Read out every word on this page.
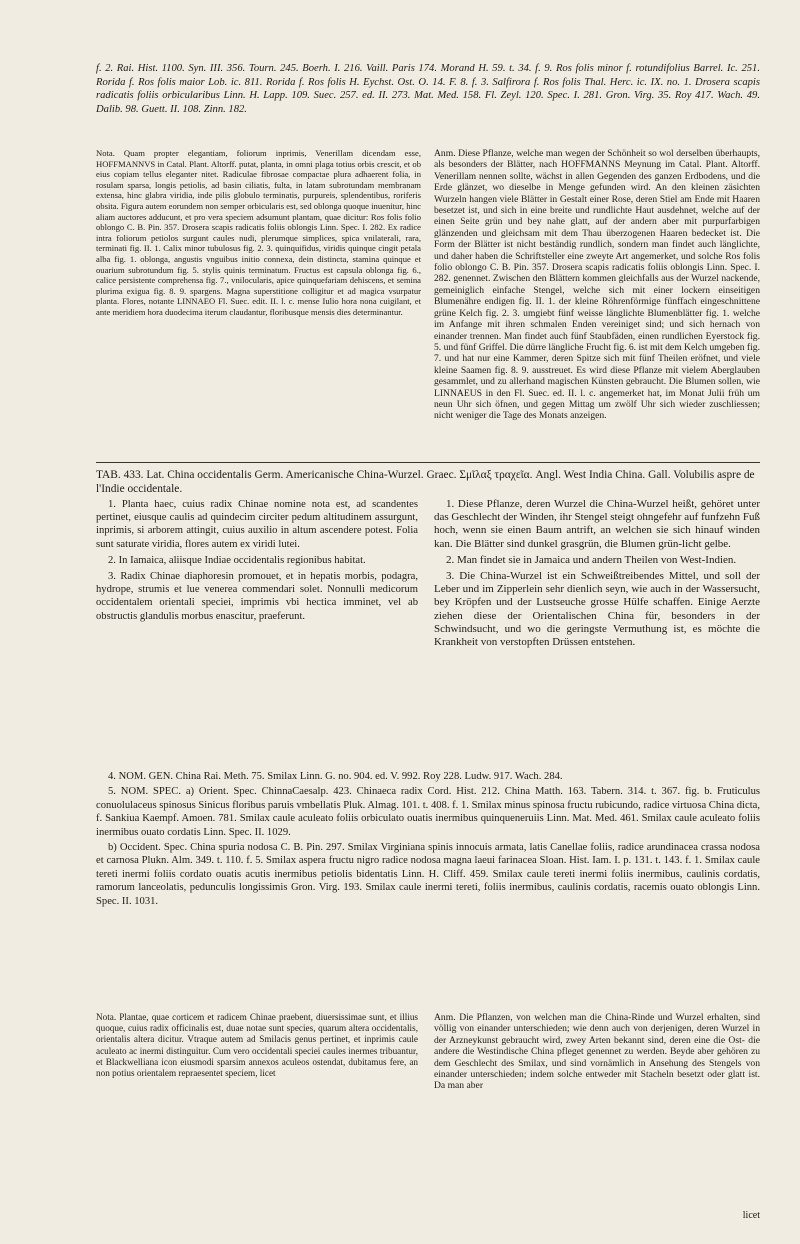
f. 2. Rai. Hist. 1100. Syn. III. 356. Tourn. 245. Boerh. I. 216. Vaill. Paris 174. Morand H. 59. t. 34. f. 9. Ros folis minor f. rotundifolius Barrel. Ic. 251. Rorida f. Ros folis maior Lob. ic. 811. Rorida f. Ros folis H. Eychst. Ost. O. 14. F. 8. f. 3. Salfirora f. Ros folis Thal. Herc. ic. IX. no. 1. Drosera scapis radicatis foliis orbicularibus Linn. H. Lapp. 109. Suec. 257. ed. II. 273. Mat. Med. 158. Fl. Zeyl. 120. Spec. I. 281. Gron. Virg. 35. Roy 417. Wach. 49. Dalib. 98. Guett. II. 108. Zinn. 182.
Nota. Quam propter elegantiam, foliorum inprimis, Venerillam dicendam esse, HOFFMANNVS in Catal. Plant. Altorff. putat, planta, in omni plaga totius orbis crescit, et ob eius copiam tellus eleganter nitet. Radiculae fibrosae compactae plura adhaerent folia, in rosulam sparsa, longis petiolis, ad basin ciliatis, fulta, in latam subrotundam membranam extensa, hinc glabra viridia, inde pilis globulo terminatis, purpureis, splendentibus, roriferis obsita. Figura autem eorundem non semper orbicularis est, sed oblonga quoque inuenitur, hinc aliam auctores adducunt, et pro vera speciem adsumunt plantam, quae dicitur: Ros folis folio oblongo C. B. Pin. 357. Drosera scapis radicatis foliis oblongis Linn. Spec. I. 282. Ex radice intra foliorum petiolos surgunt caules nudi, plerumque simplices, spica vnilaterali, rara, terminati fig. II. 1. Calix minor tubulosus fig. 2. 3. quinquifidus, viridis quinque cingit petala alba fig. 1. oblonga, angustis vnguibus initio connexa, dein distincta, stamina quinque et ouarium subrotundum fig. 5. stylis quinis terminatum. Fructus est capsula oblonga fig. 6., calice persistente comprehensa fig. 7., vnilocularis, apice quinquefariam dehiscens, et semina plurima exigua fig. 8. 9. spargens. Magna superstitione colligitur et ad magica vsurpatur planta. Flores, notante LINNAEO Fl. Suec. edit. II. l. c. mense Iulio hora nona cuigilant, et ante meridiem hora duodecima iterum claudantur, floribusque mensis dies determinantur.
Anm. Diese Pflanze, welche man wegen der Schönheit so wol derselben überhaupts, als besonders der Blätter, nach HOFFMANNS Meynung im Catal. Plant. Altorff. Venerillam nennen sollte, wächst in allen Gegenden des ganzen Erdbodens, und die Erde glänzet, wo dieselbe in Menge gefunden wird. An den kleinen zäsichten Wurzeln hangen viele Blätter in Gestalt einer Rose, deren Stiel am Ende mit Haaren besetzet ist, und sich in eine breite und rundlichte Haut ausdehnet, welche auf der einen Seite grün und bey nahe glatt, auf der andern aber mit purpurfarbigen glänzenden und gleichsam mit dem Thau überzogenen Haaren bedecket ist. Die Form der Blätter ist nicht beständig rundlich, sondern man findet auch länglichte, und daher haben die Schriftsteller eine zweyte Art angemerket, und solche Ros folis folio oblongo C. B. Pin. 357. Drosera scapis radicatis foliis oblongis Linn. Spec. I. 282. genennet. Zwischen den Blättern kommen gleichfalls aus der Wurzel nackende, gemeiniglich einfache Stengel, welche sich mit einer lockern einseitigen Blumenähre endigen fig. II. 1. der kleine Röhrenförmige fünffach eingeschnittene grüne Kelch fig. 2. 3. umgiebt fünf weisse länglichte Blumenblätter fig. 1. welche im Anfange mit ihren schmalen Enden vereiniget sind; und sich hernach von einander trennen. Man findet auch fünf Staubfäden, einen rundlichen Eyerstock fig. 5. und fünf Griffel. Die dürre längliche Frucht fig. 6. ist mit dem Kelch umgeben fig. 7. und hat nur eine Kammer, deren Spitze sich mit fünf Theilen eröfnet, und viele kleine Saamen fig. 8. 9. ausstreuet. Es wird diese Pflanze mit vielem Aberglauben gesammlet, und zu allerhand magischen Künsten gebraucht. Die Blumen sollen, wie LINNAEUS in den Fl. Suec. ed. II. l. c. angemerket hat, im Monat Julii früh um neun Uhr sich öfnen, und gegen Mittag um zwölf Uhr sich wieder zuschliessen; nicht weniger die Tage des Monats anzeigen.
TAB. 433. Lat. China occidentalis Germ. Americanische China-Wurzel. Graec. Σμῖλαξ τραχεῖα. Angl. West India China. Gall. Volubilis aspre de l'Indie occidentale.

1. Planta haec, cuius radix Chinae nomine nota est, ad scandentes pertinet, eiusque caulis ad quindecim circiter pedum altitudinem assurgunt, inprimis, si arborem attingit, cuius auxilio in altum ascendere potest. Folia sunt saturate viridia, flores autem ex viridi lutei.

2. In Iamaica, aliisque Indiae occidentalis regionibus habitat.

3. Radix Chinae diaphoresin promouet, et in hepatis morbis, podagra, hydrope, strumis et lue venerea commendari solet. Nonnulli medicorum occidentalem orientali speciei, imprimis vbi hectica imminet, vel ab obstructis glandulis morbus enascitur, praeferunt.

1. Diese Pflanze, deren Wurzel die China-Wurzel heißt, gehöret unter das Geschlecht der Winden, ihr Stengel steigt ohngefehr auf funfzehn Fuß hoch, wenn sie einen Baum antrift, an welchen sie sich hinauf winden kan. Die Blätter sind dunkel grasgrün, die Blumen grün-licht gelbe.

2. Man findet sie in Jamaica und andern Theilen von West-Indien.

3. Die China-Wurzel ist ein Schweißtreibendes Mittel, und soll der Leber und im Zipperlein sehr dienlich seyn, wie auch in der Wassersucht, bey Kröpfen und der Lustseuche grosse Hülfe schaffen. Einige Aerzte ziehen diese der Orientalischen China für, besonders in der Schwindsucht, und wo die geringste Vermuthung ist, es möchte die Krankheit von verstopften Drüssen entstehen.

4. NOM. GEN. China Rai. Meth. 75. Smilax Linn. G. no. 904. ed. V. 992. Roy 228. Ludw. 917. Wach. 284.

5. NOM. SPEC. a) Orient. Spec. ChinnaCaesalp. 423. Chinaeca radix Cord. Hist. 212. China Matth. 163. Tabern. 314. t. 367. fig. b. Fruticulus conuolulaceus spinosus Sinicus floribus paruis vmbellatis Pluk. Almag. 101. t. 408. f. 1. Smilax minus spinosa fructu rubicundo, radice virtuosa China dicta, f. Sankiua Kaempf. Amoen. 781. Smilax caule aculeato foliis orbiculato ouatis inermibus quinqueneruiis Linn. Mat. Med. 461. Smilax caule aculeato foliis inermibus ouato cordatis Linn. Spec. II. 1029.

b) Occident. Spec. China spuria nodosa C. B. Pin. 297. Smilax Virginiana spinis innocuis armata, latis Canellae foliis, radice arundinacea crassa nodosa et carnosa Plukn. Alm. 349. t. 110. f. 5. Smilax aspera fructu nigro radice nodosa magna laeui farinacea Sloan. Hist. Iam. I. p. 131. t. 143. f. 1. Smilax caule tereti inermi foliis cordato ouatis acutis inermibus petiolis bidentatis Linn. H. Cliff. 459. Smilax caule tereti inermi foliis inermibus, caulinis cordatis, ramorum lanceolatis, pedunculis longissimis Gron. Virg. 193. Smilax caule inermi tereti, foliis inermibus, caulinis cordatis, racemis ouato oblongis Linn. Spec. II. 1031.

Nota. Plantae, quae corticem et radicem Chinae praebent, diuersissimae sunt, et illius quoque, cuius radix officinalis est, duae notae sunt species, quarum altera occidentalis, orientalis altera dicitur. Vtraque autem ad Smilacis genus pertinet, et inprimis caule aculeato ac inermi distinguitur. Cum vero occidentali speciei caules inermes tribuantur, et Blackwelliana icon eiusmodi sparsim annexos aculeos ostendat, dubitamus fere, an non potius orientalem repraesentet speciem, licet
Anm. Die Pflanzen, von welchen man die China-Rinde und Wurzel erhalten, sind völlig von einander unterschieden; wie denn auch von derjenigen, deren Wurzel in der Arzneykunst gebraucht wird, zwey Arten bekannt sind, deren eine die Ost- die andere die Westindische China pfleget genennet zu werden. Beyde aber gehören zu dem Geschlecht des Smilax, und sind vornämlich in Ansehung des Stengels von einander unterschieden; indem solche entweder mit Stacheln besetzt oder glatt ist. Da man aber
licet
